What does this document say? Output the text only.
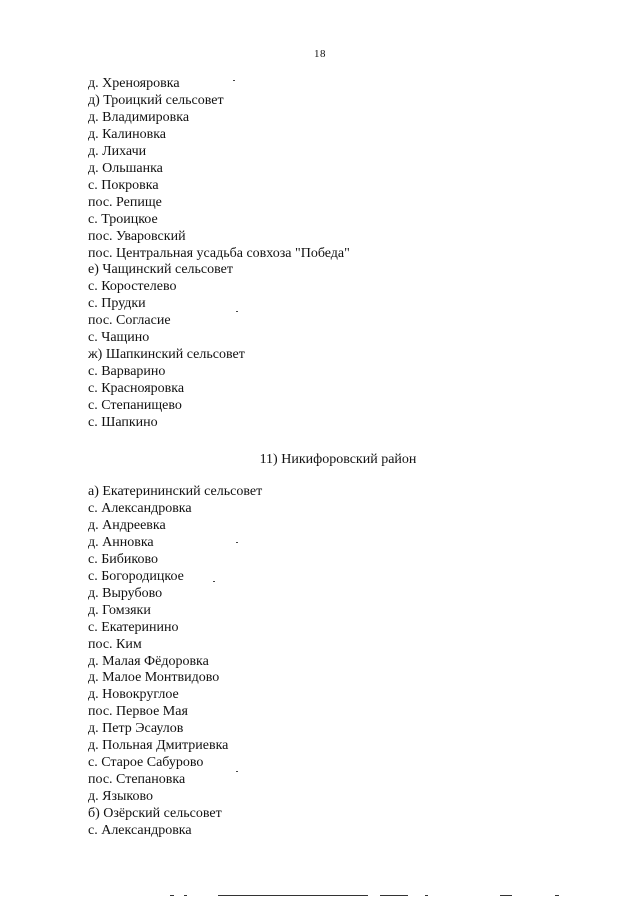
18
д. Хренояровка
д) Троицкий сельсовет
д. Владимировка
д. Калиновка
д. Лихачи
д. Ольшанка
с. Покровка
пос. Репище
с. Троицкое
пос. Уваровский
пос. Центральная усадьба совхоза "Победа"
е) Чащинский сельсовет
с. Коростелево
с. Прудки
пос. Согласие
с. Чащино
ж) Шапкинский сельсовет
с. Варварино
с. Краснояровка
с. Степанищево
с. Шапкино
11) Никифоровский район
а) Екатерининский сельсовет
с. Александровка
д. Андреевка
д. Анновка
с. Бибиково
с. Богородицкое
д. Вырубово
д. Гомзяки
с. Екатеринино
пос. Ким
д. Малая Фёдоровка
д. Малое Монтвидово
д. Новокруглое
пос. Первое Мая
д. Петр Эсаулов
д. Польная Дмитриевка
с. Старое Сабурово
пос. Степановка
д. Языково
б) Озёрский сельсовет
с. Александровка
